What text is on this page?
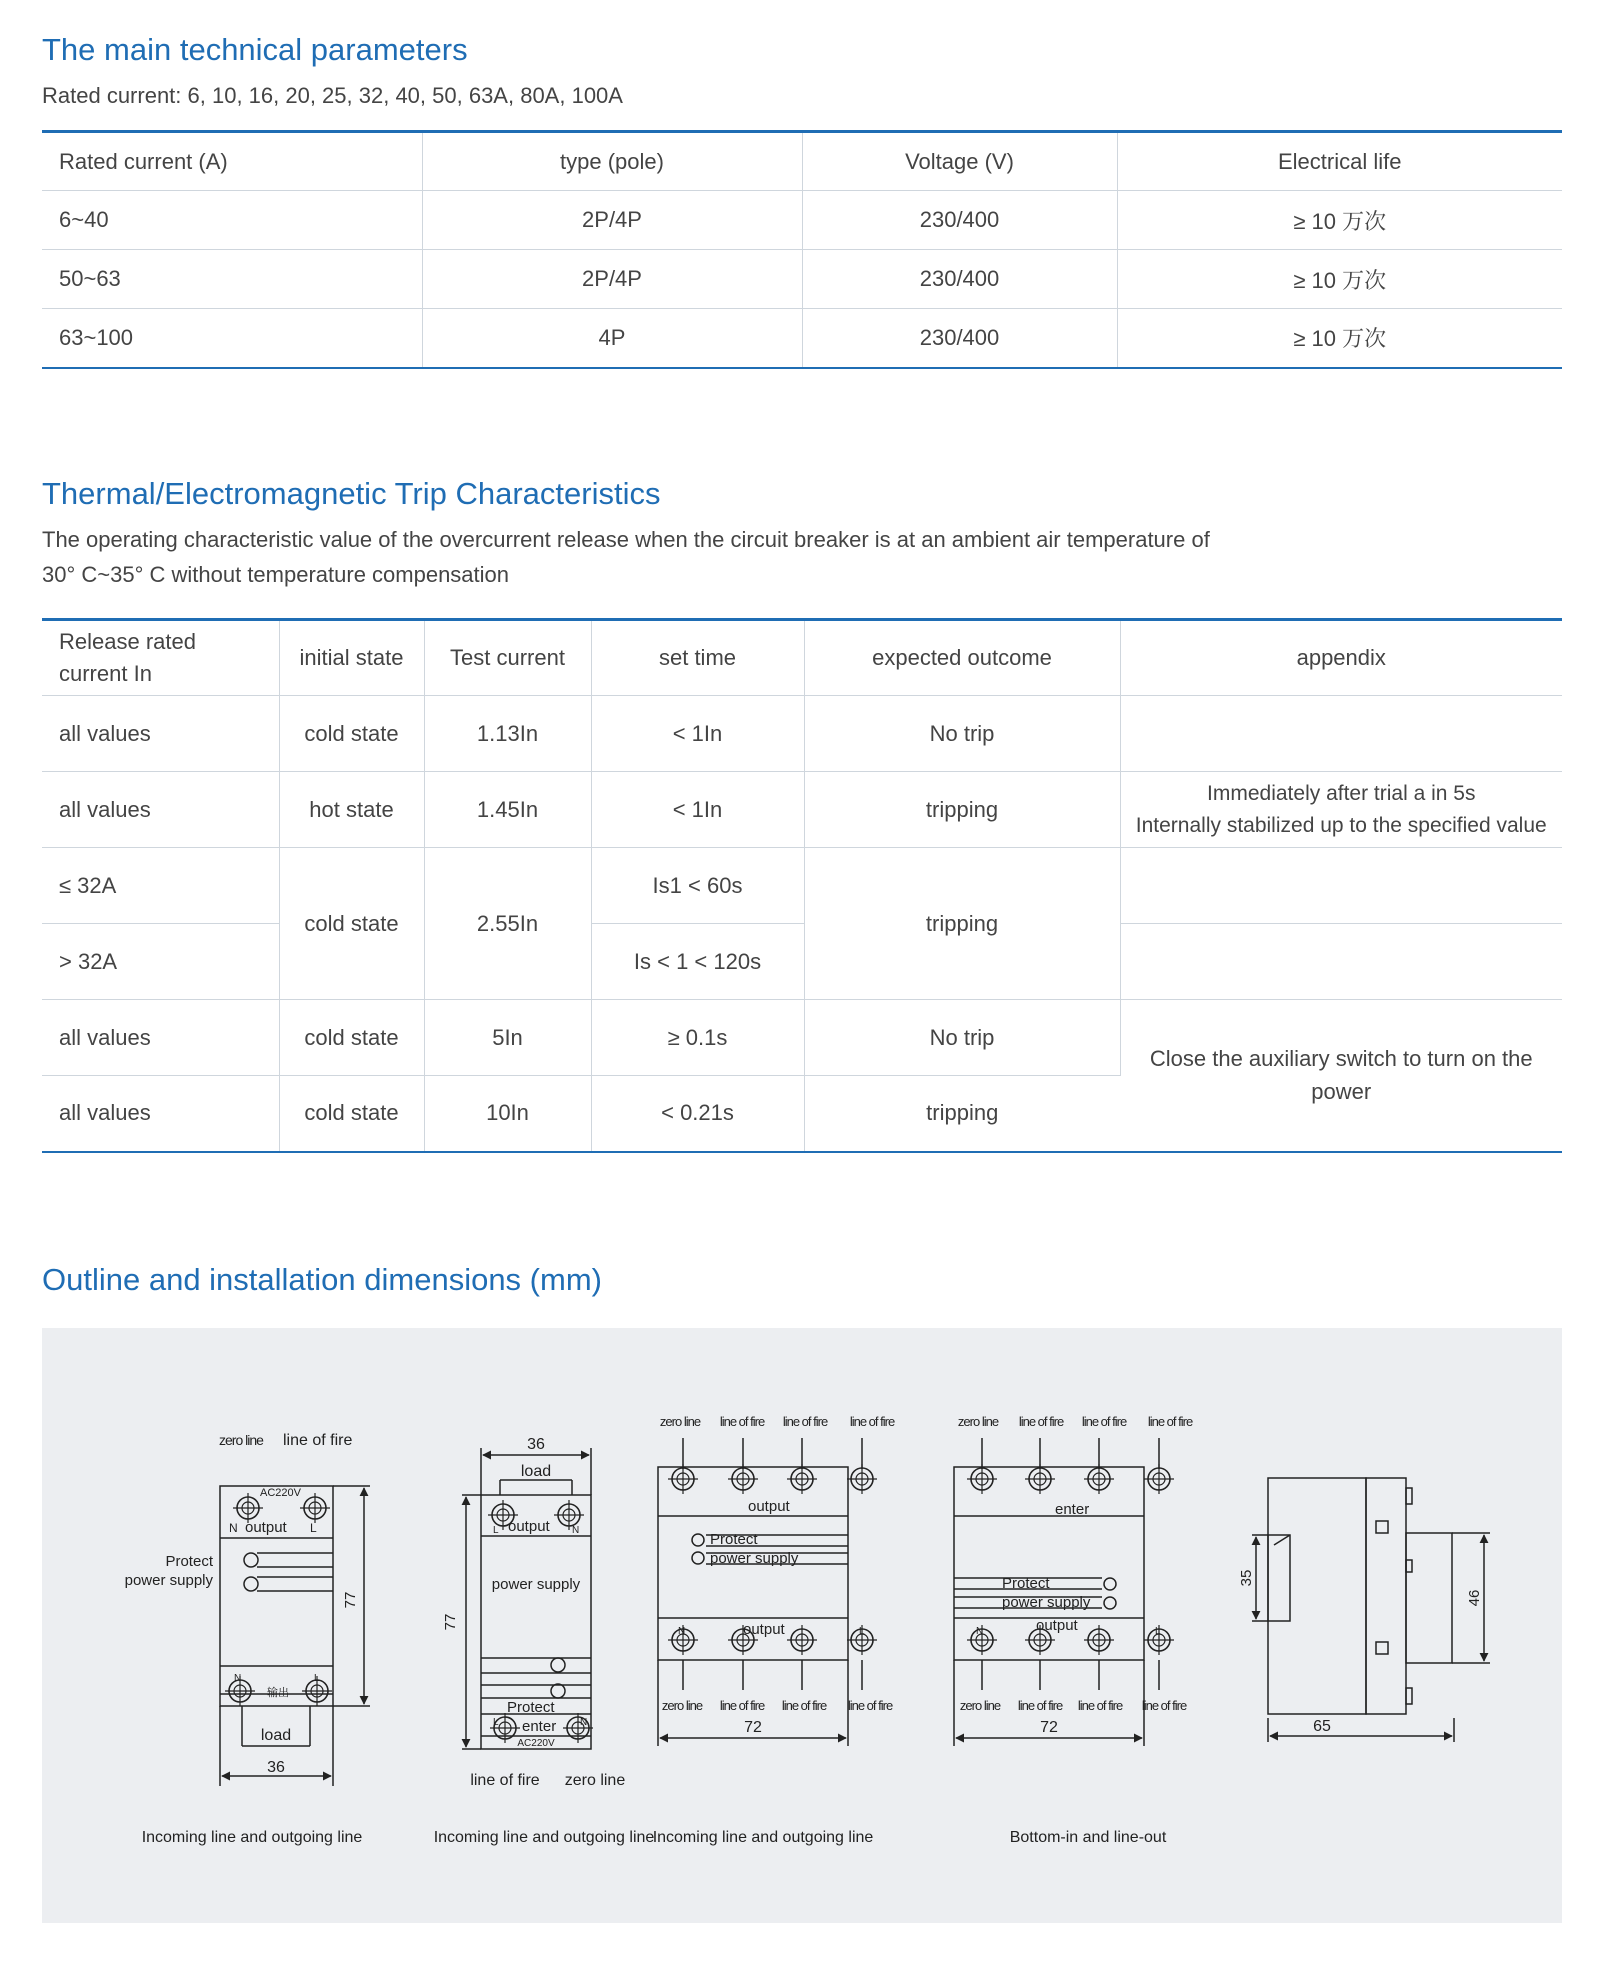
The main technical parameters

Rated current: 6, 10, 16, 20, 25, 32, 40, 50, 63A, 80A, 100A

Rated current (A)	type (pole)	Voltage (V)	Electrical life
6~40	2P/4P	230/400	≥ 10 万次
50~63	2P/4P	230/400	≥ 10 万次
63~100	4P	230/400	≥ 10 万次
Thermal/Electromagnetic Trip Characteristics

The operating characteristic value of the overcurrent release when the circuit breaker is at an ambient air temperature of
30° C~35° C without temperature compensation

Release rated current In	initial state	Test current	set time	expected outcome	appendix
all values	cold state	1.13In	< 1In	No trip	
all values	hot state	1.45In	< 1In	tripping	Immediately after trial a in 5s
Internally stabilized up to the specified value
≤ 32A	cold state	2.55In	Is1 < 60s	tripping	
> 32A			Is < 1 < 120s		
all values	cold state	5In	≥ 0.1s	No trip	Close the auxiliary switch to turn on the power
all values	cold state	10In	< 0.21s	tripping	
Outline and installation dimensions (mm)
zero line line of fire
AC220V
N output L
Protect
power supply
77
N	L
输出
load
36
Incoming line and outgoing line
36
load
L output N
power supply
77
Protect
L enter N
AC220V
line of fire zero line
Incoming line and outgoing line
zero line line of fire line of fire line of fire
output
Protect
power supply
N	output	L
zero line line of fire line of fire line of fire
72
Incoming line and outgoing line
zero line line of fire line of fire line of fire
enter
Protect
power supply
N	output	L
zero line line of fire line of fire line of fire
72
Bottom-in and line-out
35
46
65
